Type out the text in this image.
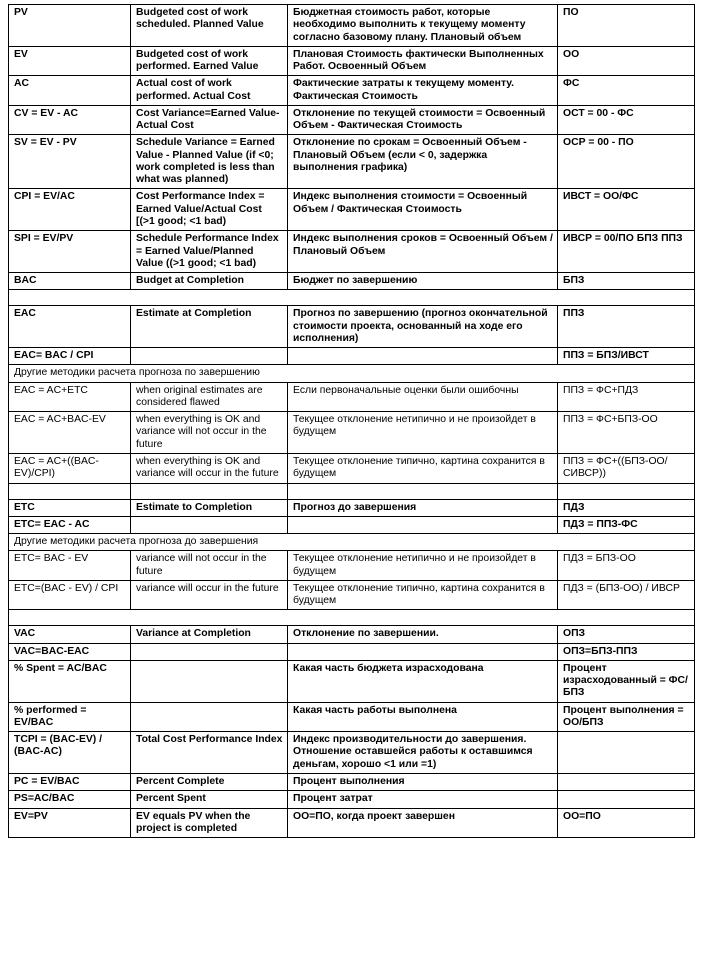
PV	Budgeted cost of work scheduled. Planned Value	Бюджетная стоимость работ, которые необходимо выполнить к текущему моменту согласно базовому плану. Плановый объем	ПО
EV	Budgeted cost of work performed. Earned Value	Плановая Стоимость фактически Выполненных Работ. Освоенный Объем	ОО
AC	Actual cost of work performed. Actual Cost	Фактические затраты к текущему моменту. Фактическая Стоимость	ФС
CV = EV - AC	Cost Variance=Earned Value-Actual Cost	Отклонение по текущей стоимости = Освоенный Объем - Фактическая Стоимость	ОСТ = 00 - ФС
SV = EV - PV	Schedule Variance = Earned Value - Planned Value (if <0; work completed is less than what was planned)	Отклонение по срокам = Освоенный Объем - Плановый Объем (если < 0, задержка выполнения графика)	ОСР = 00 - ПО
CPI = EV/AC	Cost Performance Index = Earned Value/Actual Cost [(>1 good; <1 bad)	Индекс выполнения стоимости = Освоенный Объем / Фактическая Стоимость	ИВСТ = ОО/ФС
SPI = EV/PV	Schedule Performance Index = Earned Value/Planned Value ((>1 good; <1 bad)	Индекс выполнения сроков = Освоенный Объем / Плановый Объем	ИВСР = 00/ПО БПЗ ППЗ
BAC	Budget at Completion	Бюджет по завершению	БПЗ

EAC	Estimate at Completion	Прогноз по завершению (прогноз окончательной стоимости проекта, основанный на ходе его исполнения)	ППЗ
EAC= BAC / CPI			ППЗ = БПЗ/ИВСТ
Другие методики расчета прогноза по завершению			
EAC = AC+ETC	when original estimates are considered flawed	Если первоначальные оценки были ошибочны	ППЗ = ФС+ПДЗ
EAC = AC+BAC-EV	when everything is OK and variance will not occur in the future	Текущее отклонение нетипично и не произойдет в будущем	ППЗ = ФС+БПЗ-ОО
EAC = AC+((BAC-EV)/CPI)	when everything is OK and variance will occur in the future	Текущее отклонение типично, картина сохранится в будущем	ППЗ = ФС+((БПЗ-ОО/СИВСР))

ETC	Estimate to Completion	Прогноз до завершения	ПДЗ
ETC= EAC - AC			ПДЗ = ППЗ-ФС
Другие методики расчета прогноза до завершения			
ETC= BAC - EV	variance will not occur in the future	Текущее отклонение нетипично и не произойдет в будущем	ПДЗ = БПЗ-ОО
ETC=(BAC - EV) / CPI	variance will occur in the future	Текущее отклонение типично, картина сохранится в будущем	ПДЗ = (БПЗ-ОО) / ИВСР

VAC	Variance at Completion	Отклонение по завершении.	ОПЗ
VAC=BAC-EAC			ОПЗ=БПЗ-ППЗ
% Spent = AC/BAC		Какая часть бюджета израсходована	Процент израсходованный = ФС/БПЗ
% performed = EV/BAC		Какая часть работы выполнена	Процент выполнения = ОО/БПЗ
TCPI = (BAC-EV) / (BAC-AC)	Total Cost Performance Index	Индекс производительности до завершения. Отношение оставшейся работы к оставшимся деньгам, хорошо <1 или =1)	
PC = EV/BAC	Percent Complete	Процент выполнения	
PS=AC/BAC	Percent Spent	Процент затрат	
EV=PV	EV equals PV when the project is completed	ОО=ПО, когда проект завершен	ОО=ПО
